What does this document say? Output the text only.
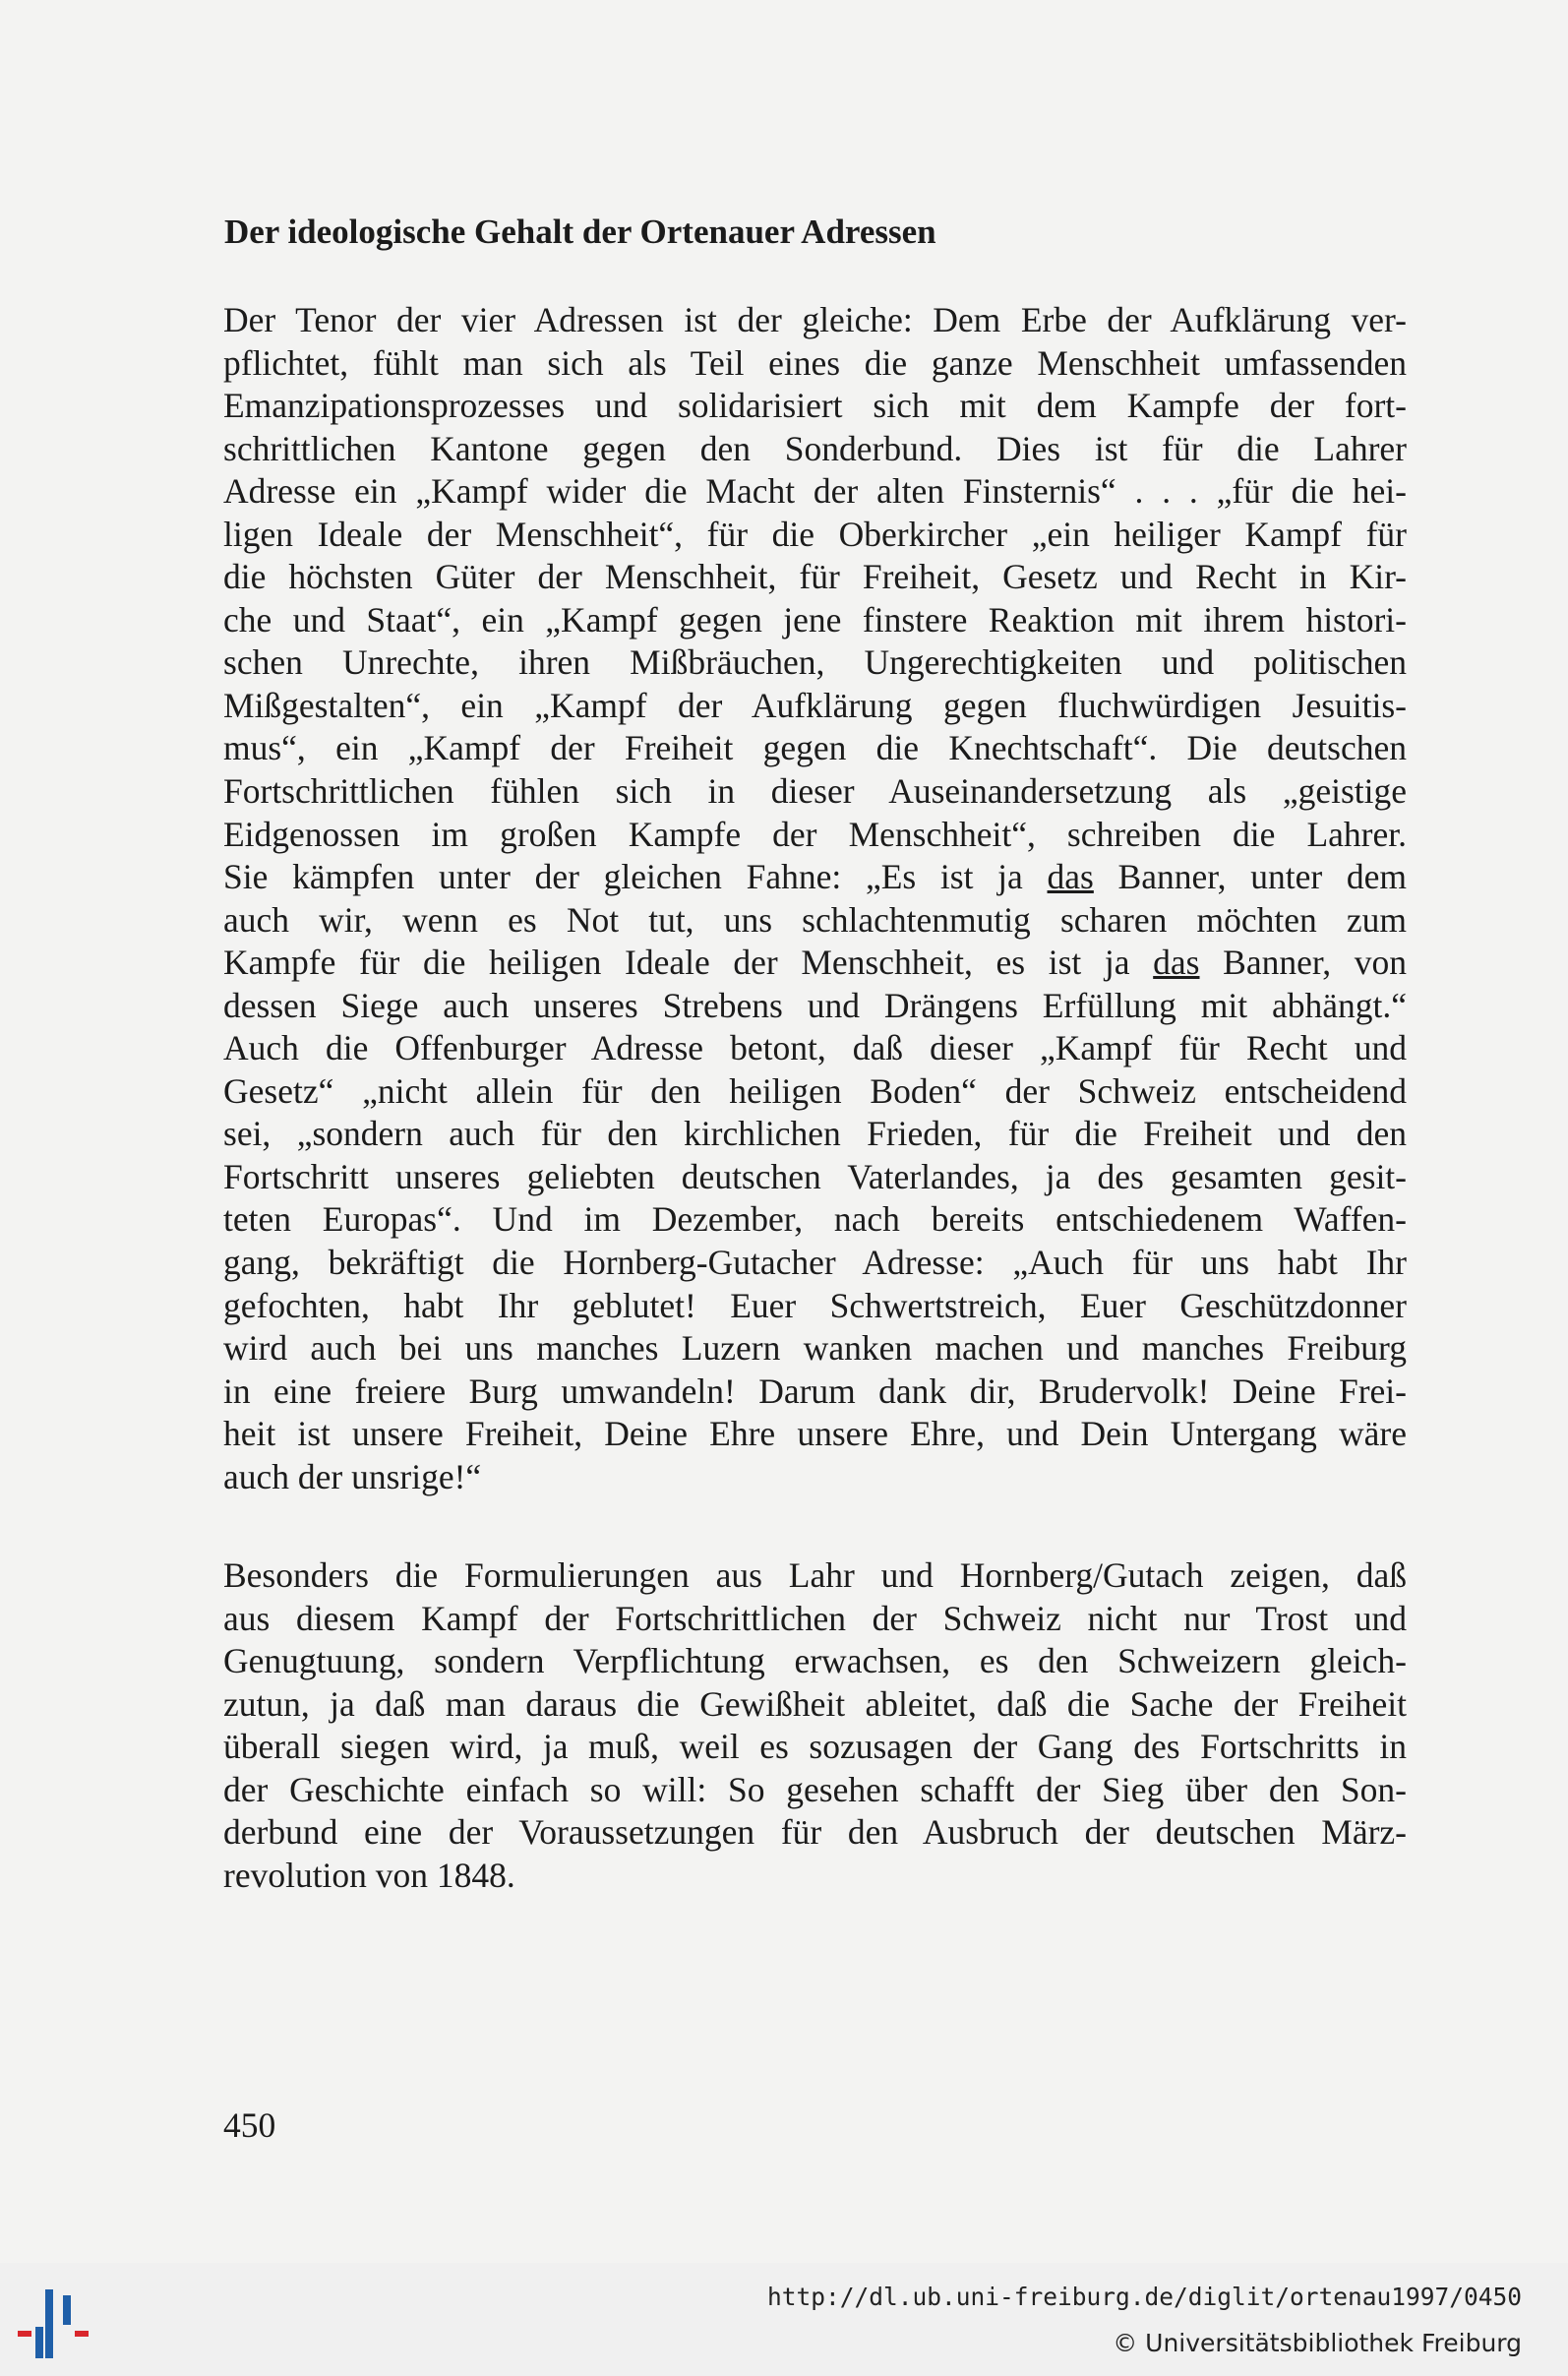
Der ideologische Gehalt der Ortenauer Adressen

Der Tenor der vier Adressen ist der gleiche: Dem Erbe der Aufklärung ver-
pflichtet, fühlt man sich als Teil eines die ganze Menschheit umfassenden
Emanzipationsprozesses und solidarisiert sich mit dem Kampfe der fort-
schrittlichen Kantone gegen den Sonderbund. Dies ist für die Lahrer
Adresse ein „Kampf wider die Macht der alten Finsternis“ . . . „für die hei-
ligen Ideale der Menschheit“, für die Oberkircher „ein heiliger Kampf für
die höchsten Güter der Menschheit, für Freiheit, Gesetz und Recht in Kir-
che und Staat“, ein „Kampf gegen jene finstere Reaktion mit ihrem histori-
schen Unrechte, ihren Mißbräuchen, Ungerechtigkeiten und politischen
Mißgestalten“, ein „Kampf der Aufklärung gegen fluchwürdigen Jesuitis-
mus“, ein „Kampf der Freiheit gegen die Knechtschaft“. Die deutschen
Fortschrittlichen fühlen sich in dieser Auseinandersetzung als „geistige
Eidgenossen im großen Kampfe der Menschheit“, schreiben die Lahrer.
Sie kämpfen unter der gleichen Fahne: „Es ist ja das Banner, unter dem
auch wir, wenn es Not tut, uns schlachtenmutig scharen möchten zum
Kampfe für die heiligen Ideale der Menschheit, es ist ja das Banner, von
dessen Siege auch unseres Strebens und Drängens Erfüllung mit abhängt.“
Auch die Offenburger Adresse betont, daß dieser „Kampf für Recht und
Gesetz“ „nicht allein für den heiligen Boden“ der Schweiz entscheidend
sei, „sondern auch für den kirchlichen Frieden, für die Freiheit und den
Fortschritt unseres geliebten deutschen Vaterlandes, ja des gesamten gesit-
teten Europas“. Und im Dezember, nach bereits entschiedenem Waffen-
gang, bekräftigt die Hornberg-Gutacher Adresse: „Auch für uns habt Ihr
gefochten, habt Ihr geblutet! Euer Schwertstreich, Euer Geschützdonner
wird auch bei uns manches Luzern wanken machen und manches Freiburg
in eine freiere Burg umwandeln! Darum dank dir, Brudervolk! Deine Frei-
heit ist unsere Freiheit, Deine Ehre unsere Ehre, und Dein Untergang wäre
auch der unsrige!“

Besonders die Formulierungen aus Lahr und Hornberg/Gutach zeigen, daß
aus diesem Kampf der Fortschrittlichen der Schweiz nicht nur Trost und
Genugtuung, sondern Verpflichtung erwachsen, es den Schweizern gleich-
zutun, ja daß man daraus die Gewißheit ableitet, daß die Sache der Freiheit
überall siegen wird, ja muß, weil es sozusagen der Gang des Fortschritts in
der Geschichte einfach so will: So gesehen schafft der Sieg über den Son-
derbund eine der Voraussetzungen für den Ausbruch der deutschen März-
revolution von 1848.

450

http://dl.ub.uni-freiburg.de/diglit/ortenau1997/0450
© Universitätsbibliothek Freiburg
